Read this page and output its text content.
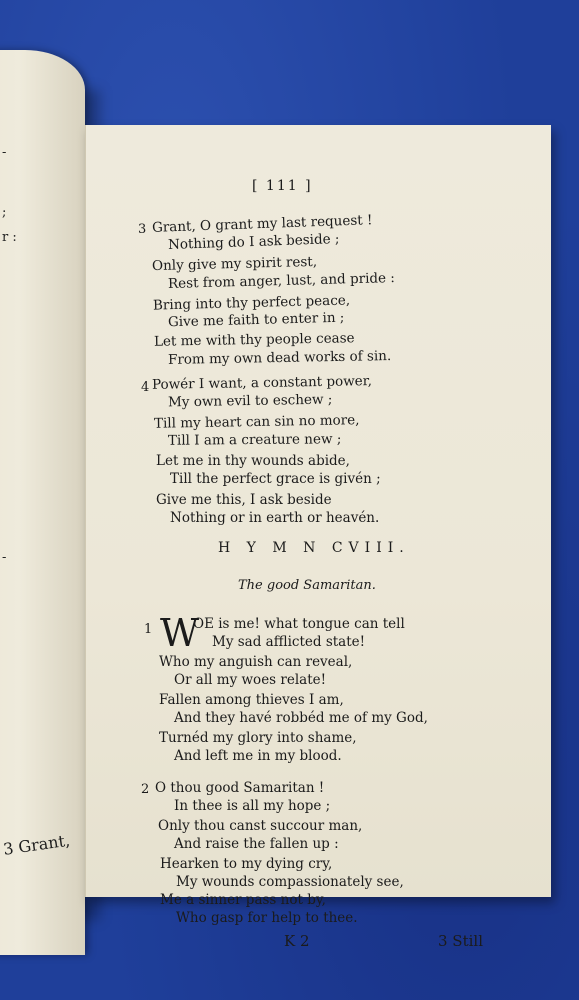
-
;
r :
-
3 Grant,
[ 111 ]
3 Grant, O grant my last request !
Nothing do I ask beside ;
Only give my spirit rest,
Rest from anger, lust, and pride :
Bring into thy perfect peace,
Give me faith to enter in ;
Let me with thy people cease
From my own dead works of sin.
4 Powér I want, a constant power,
My own evil to eschew ;
Till my heart can sin no more,
Till I am a creature new ;
Let me in thy wounds abide,
Till the perfect grace is givén ;
Give me this, I ask beside
Nothing or in earth or heavén.
H Y M N CVIII.
The good Samaritan.
1 W
OE is me! what tongue can tell
My sad afflicted state!
Who my anguish can reveal,
Or all my woes relate!
Fallen among thieves I am,
And they havé robbéd me of my God,
Turnéd my glory into shame,
And left me in my blood.
2 O thou good Samaritan !
In thee is all my hope ;
Only thou canst succour man,
And raise the fallen up :
Hearken to my dying cry,
My wounds compassionately see,
Me a sinner pass not by,
Who gasp for help to thee.
K 2	3 Still
